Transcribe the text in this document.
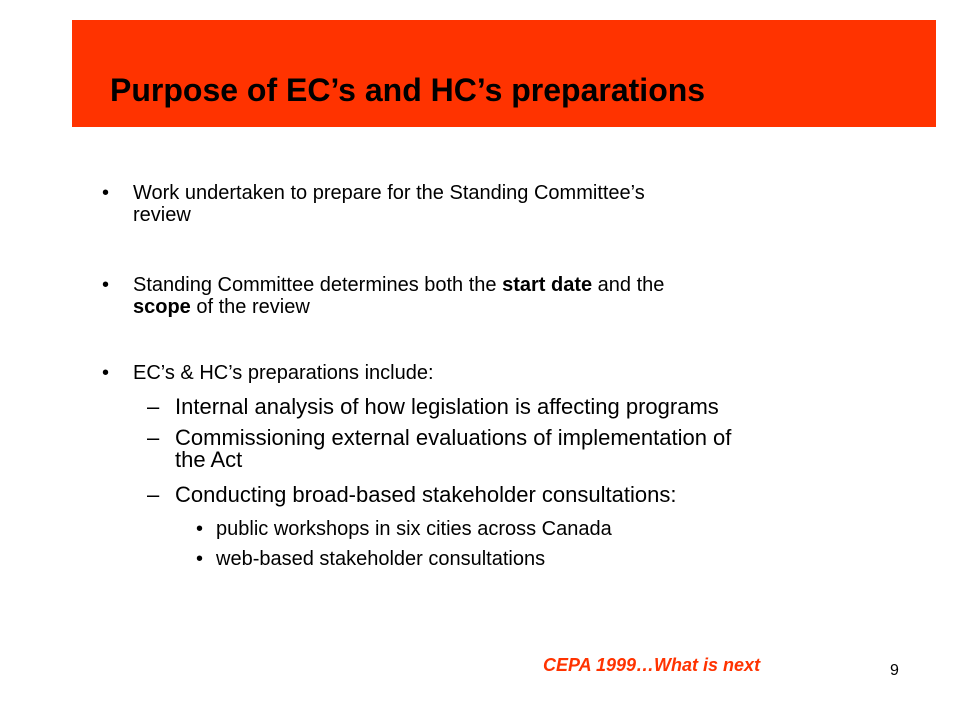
Purpose of EC’s and HC’s preparations
• Work undertaken to prepare for the Standing Committee’s
review
• Standing Committee determines both the start date and the
scope of the review
• EC’s & HC’s preparations include:
– Internal analysis of how legislation is affecting programs
– Commissioning external evaluations of implementation of
the Act
– Conducting broad-based stakeholder consultations:
• public workshops in six cities across Canada
• web-based stakeholder consultations
CEPA 1999…What is next	9
